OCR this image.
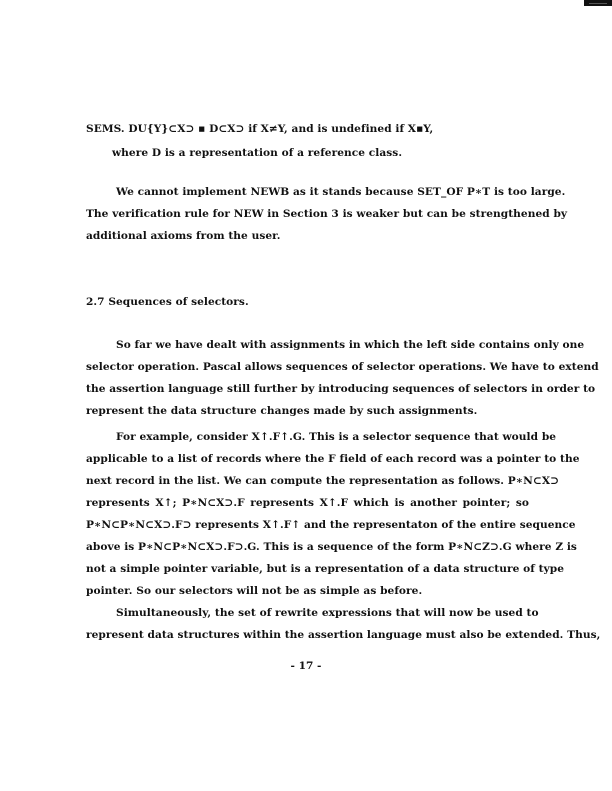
SEMS. DU{Y}⊂X⊃ ▪ D⊂X⊃ if X≠Y, and is undefined if X▪Y,
where D is a representation of a reference class.
We cannot implement NEWB as it stands because SET_OF P∗T is too large.
The verification rule for NEW in Section 3 is weaker but can be strengthened by
additional axioms from the user.
2.7 Sequences of selectors.
So far we have dealt with assignments in which the left side contains only one
selector operation. Pascal allows sequences of selector operations. We have to extend
the assertion language still further by introducing sequences of selectors in order to
represent the data structure changes made by such assignments.
For example, consider X↑.F↑.G. This is a selector sequence that would be
applicable to a list of records where the F field of each record was a pointer to the
next record in the list. We can compute the representation as follows. P∗N⊂X⊃
represents X↑; P∗N⊂X⊃.F represents X↑.F which is another pointer; so
P∗N⊂P∗N⊂X⊃.F⊃ represents X↑.F↑ and the representaton of the entire sequence
above is P∗N⊂P∗N⊂X⊃.F⊃.G. This is a sequence of the form P∗N⊂Z⊃.G where Z is
not a simple pointer variable, but is a representation of a data structure of type
pointer. So our selectors will not be as simple as before.
Simultaneously, the set of rewrite expressions that will now be used to
represent data structures within the assertion language must also be extended. Thus,
- 17 -
